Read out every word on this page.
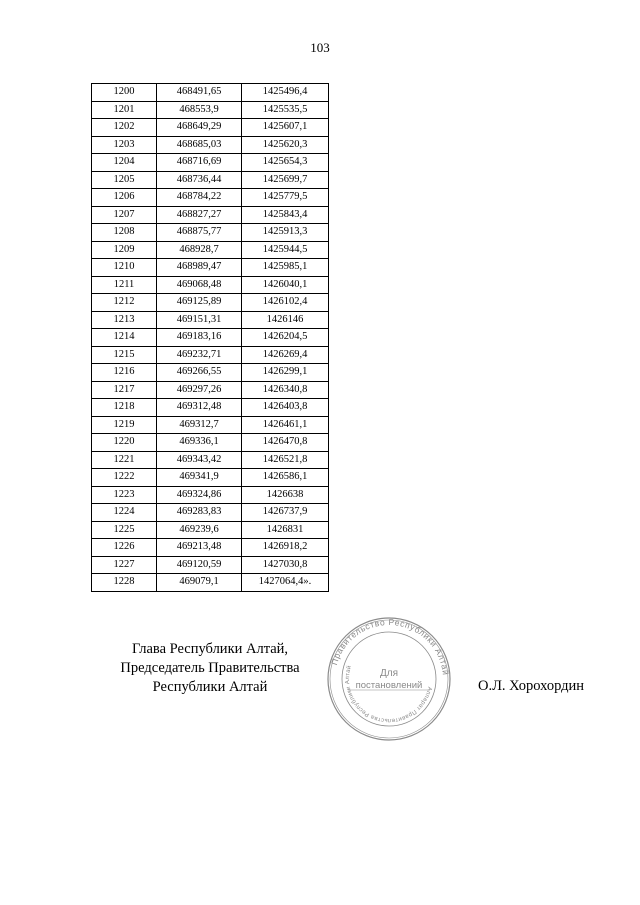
103
1200	468491,65	1425496,4
1201	468553,9	1425535,5
1202	468649,29	1425607,1
1203	468685,03	1425620,3
1204	468716,69	1425654,3
1205	468736,44	1425699,7
1206	468784,22	1425779,5
1207	468827,27	1425843,4
1208	468875,77	1425913,3
1209	468928,7	1425944,5
1210	468989,47	1425985,1
1211	469068,48	1426040,1
1212	469125,89	1426102,4
1213	469151,31	1426146
1214	469183,16	1426204,5
1215	469232,71	1426269,4
1216	469266,55	1426299,1
1217	469297,26	1426340,8
1218	469312,48	1426403,8
1219	469312,7	1426461,1
1220	469336,1	1426470,8
1221	469343,42	1426521,8
1222	469341,9	1426586,1
1223	469324,86	1426638
1224	469283,83	1426737,9
1225	469239,6	1426831
1226	469213,48	1426918,2
1227	469120,59	1427030,8
1228	469079,1	1427064,4».
Глава Республики Алтай,
Председатель Правительства
Республики Алтай
Правительство Республики Алтай
Аппарат Правительства Республики Алтай
Для
постановлений	О.Л. Хорохордин
